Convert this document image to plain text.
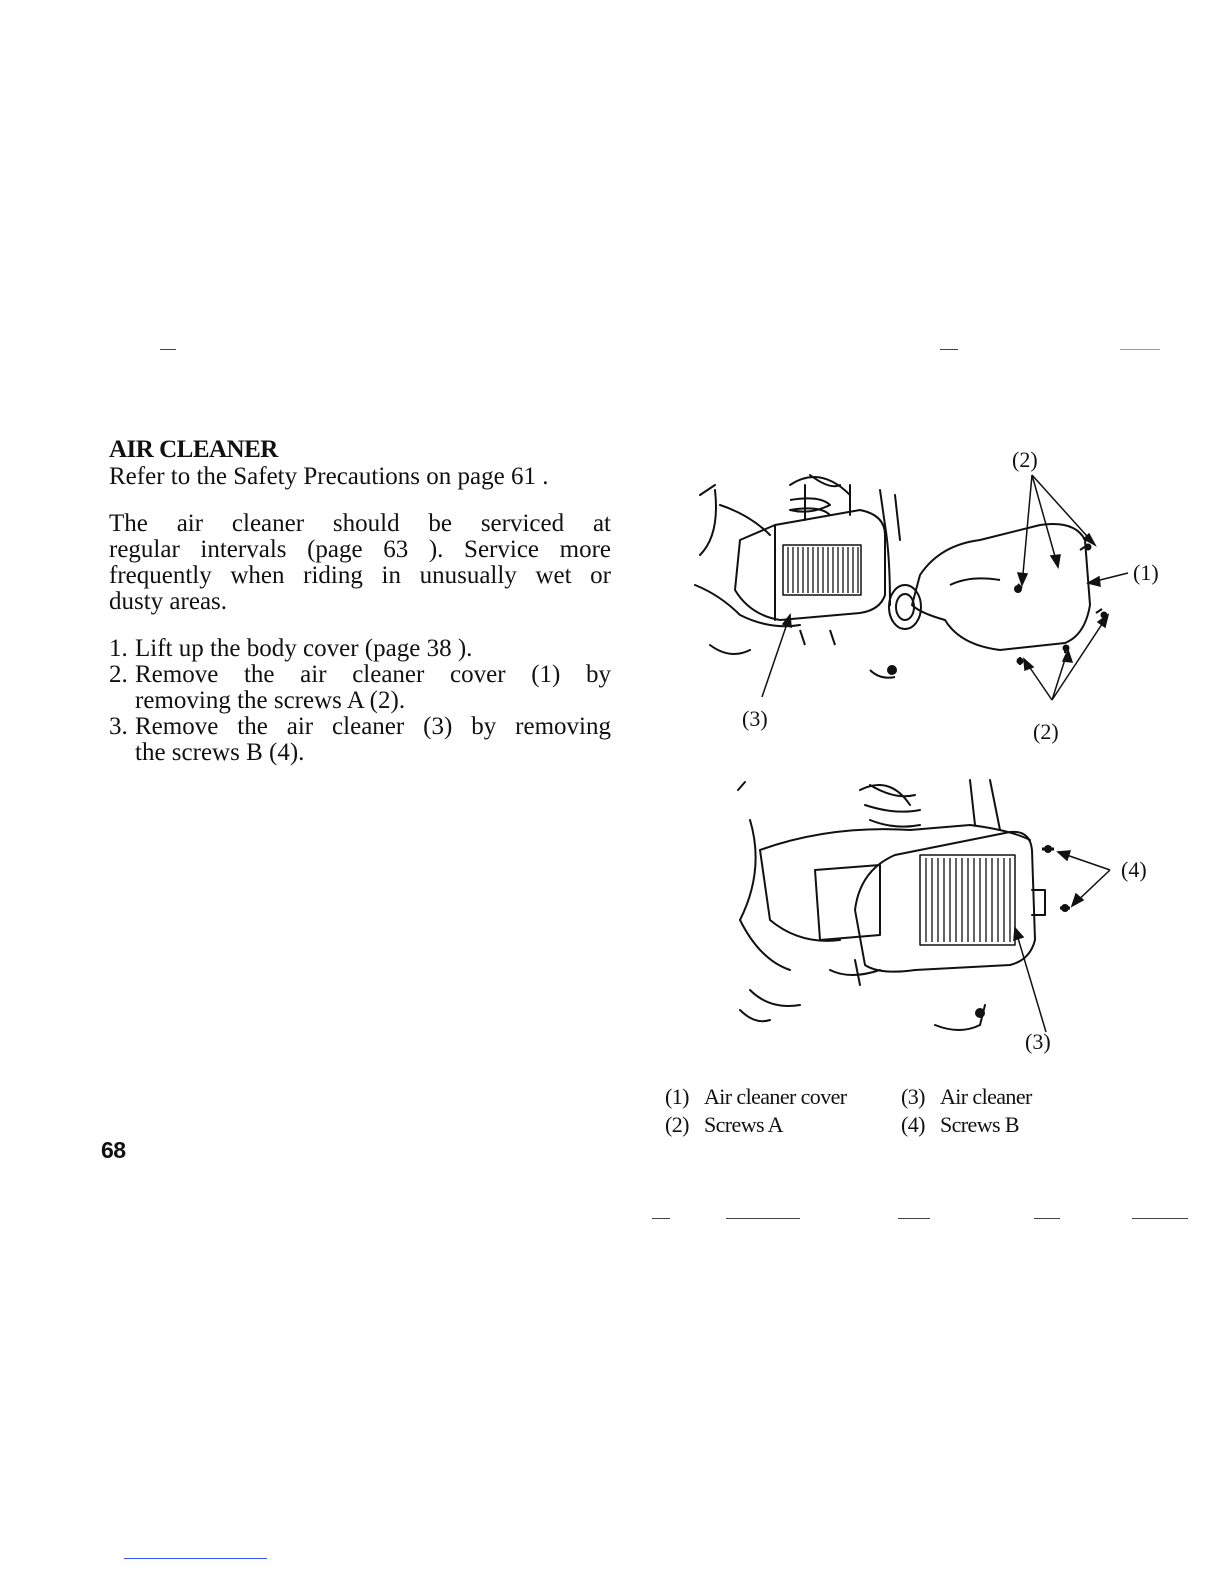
AIR CLEANER

Refer to the Safety Precautions on page 61 .

The air cleaner should be serviced at

regular intervals (page 63 ). Service more

frequently when riding in unusually wet or

dusty areas.

1. Lift up the body cover (page 38 ).

2. Remove the air cleaner cover (1) by

removing the screws A (2).

3. Remove the air cleaner (3) by removing

the screws B (4).

(2)
(1)
(3)
(2)
(4)
(3)
(1) Air cleaner cover (3) Air cleaner
(2) Screws A	(4) Screws B
68
